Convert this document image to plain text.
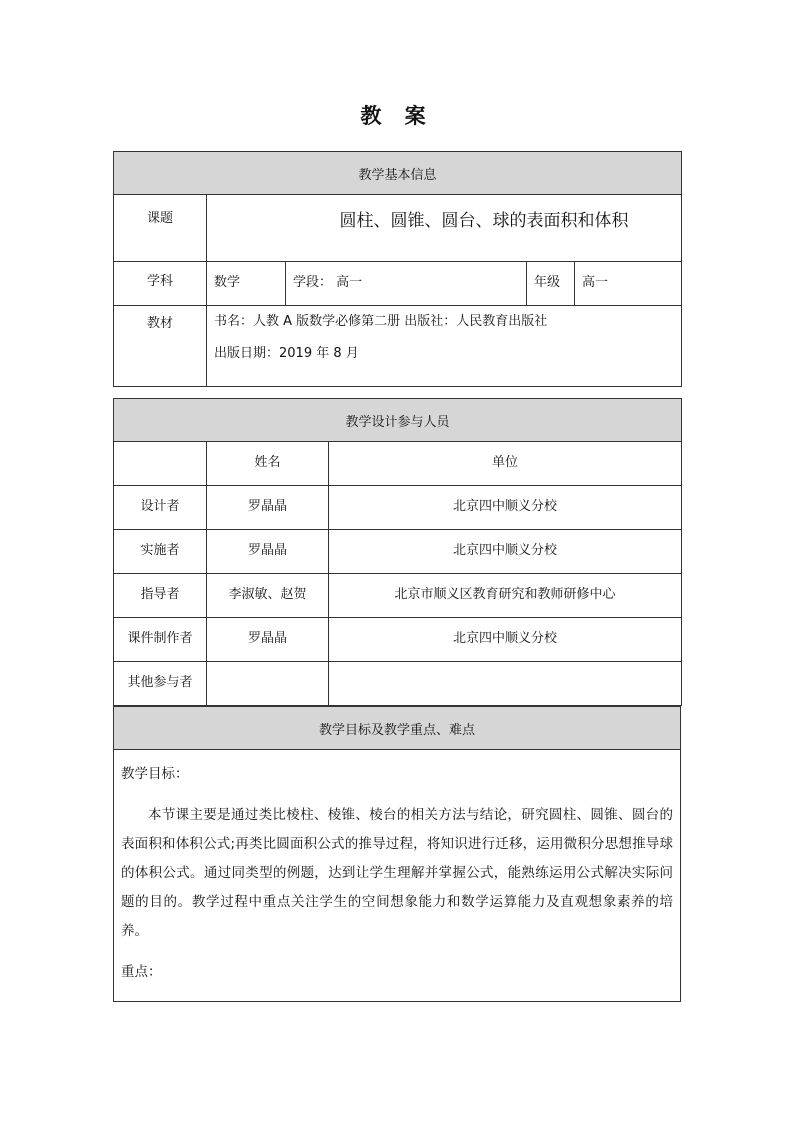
教 案
教学基本信息				
课题	圆柱、圆锥、圆台、球的表面积和体积			

学科	数学	学段： 高一	年级	高一
教材	书名：人教 A 版数学必修第二册 出版社：人民教育出版社
出版日期：2019 年 8 月			
教学设计参与人员		
	姓名	单位
设计者	罗晶晶	北京四中顺义分校
实施者	罗晶晶	北京四中顺义分校
指导者	李淑敏、赵贺	北京市顺义区教育研究和教师研修中心
课件制作者	罗晶晶	北京四中顺义分校
其他参与者		
教学目标及教学重点、难点

教学目标：

本节课主要是通过类比棱柱、棱锥、棱台的相关方法与结论，研究圆柱、圆锥、圆台的表面积和体积公式;再类比圆面积公式的推导过程，将知识进行迁移，运用微积分思想推导球的体积公式。通过同类型的例题，达到让学生理解并掌握公式，能熟练运用公式解决实际问题的目的。教学过程中重点关注学生的空间想象能力和数学运算能力及直观想象素养的培养。

重点：
